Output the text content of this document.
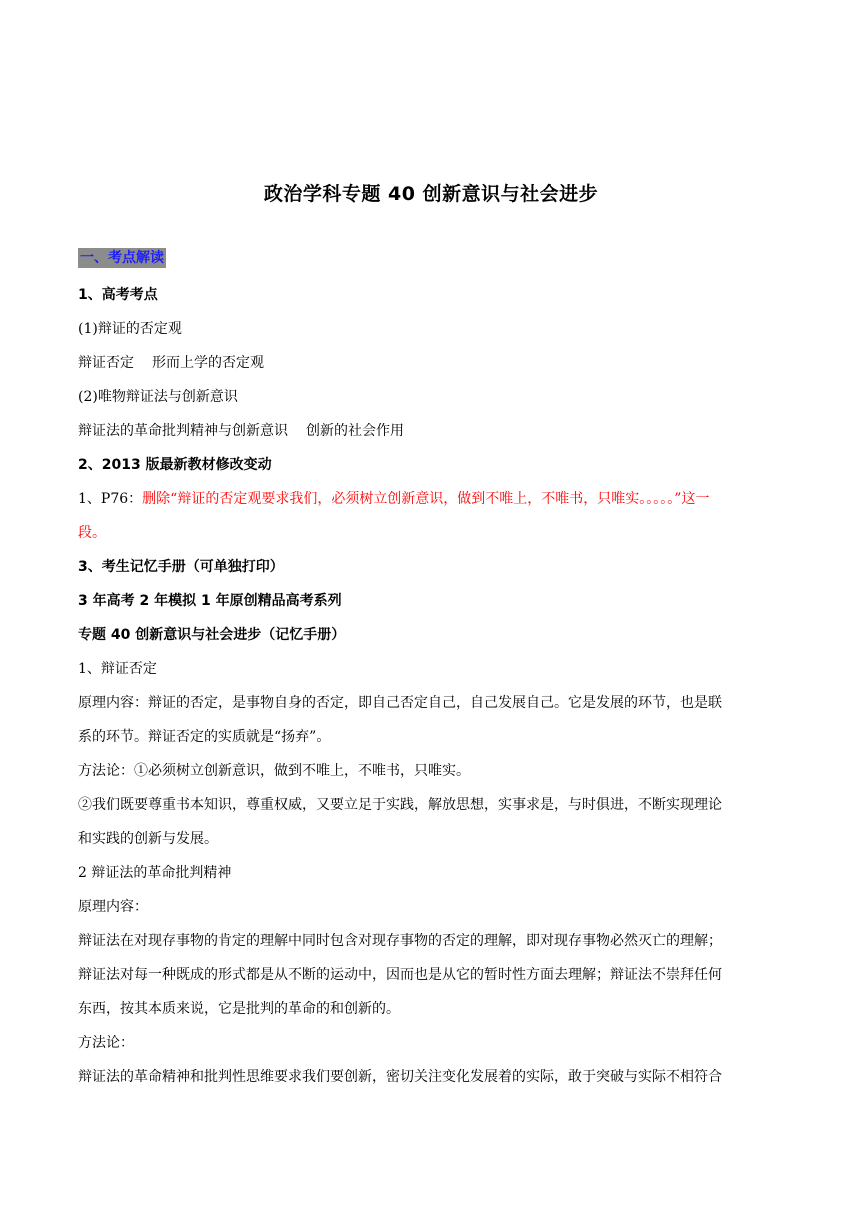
政治学科专题 40 创新意识与社会进步
一、考点解读

1、高考考点

(1)辩证的否定观

辩证否定 形而上学的否定观

(2)唯物辩证法与创新意识

辩证法的革命批判精神与创新意识 创新的社会作用

2、2013 版最新教材修改变动

1、P76：删除“辩证的否定观要求我们，必须树立创新意识，做到不唯上，不唯书，只唯实。。。。。”这一

段。

3、考生记忆手册（可单独打印）

3 年高考 2 年模拟 1 年原创精品高考系列

专题 40 创新意识与社会进步（记忆手册）

1、辩证否定

原理内容：辩证的否定，是事物自身的否定，即自己否定自己，自己发展自己。它是发展的环节，也是联

系的环节。辩证否定的实质就是“扬弃”。

方法论：①必须树立创新意识，做到不唯上，不唯书，只唯实。

②我们既要尊重书本知识，尊重权威，又要立足于实践，解放思想，实事求是，与时俱进，不断实现理论

和实践的创新与发展。

2 辩证法的革命批判精神

原理内容：

辩证法在对现存事物的肯定的理解中同时包含对现存事物的否定的理解，即对现存事物必然灭亡的理解；

辩证法对每一种既成的形式都是从不断的运动中，因而也是从它的暂时性方面去理解；辩证法不崇拜任何

东西，按其本质来说，它是批判的革命的和创新的。

方法论：

辩证法的革命精神和批判性思维要求我们要创新，密切关注变化发展着的实际，敢于突破与实际不相符合
